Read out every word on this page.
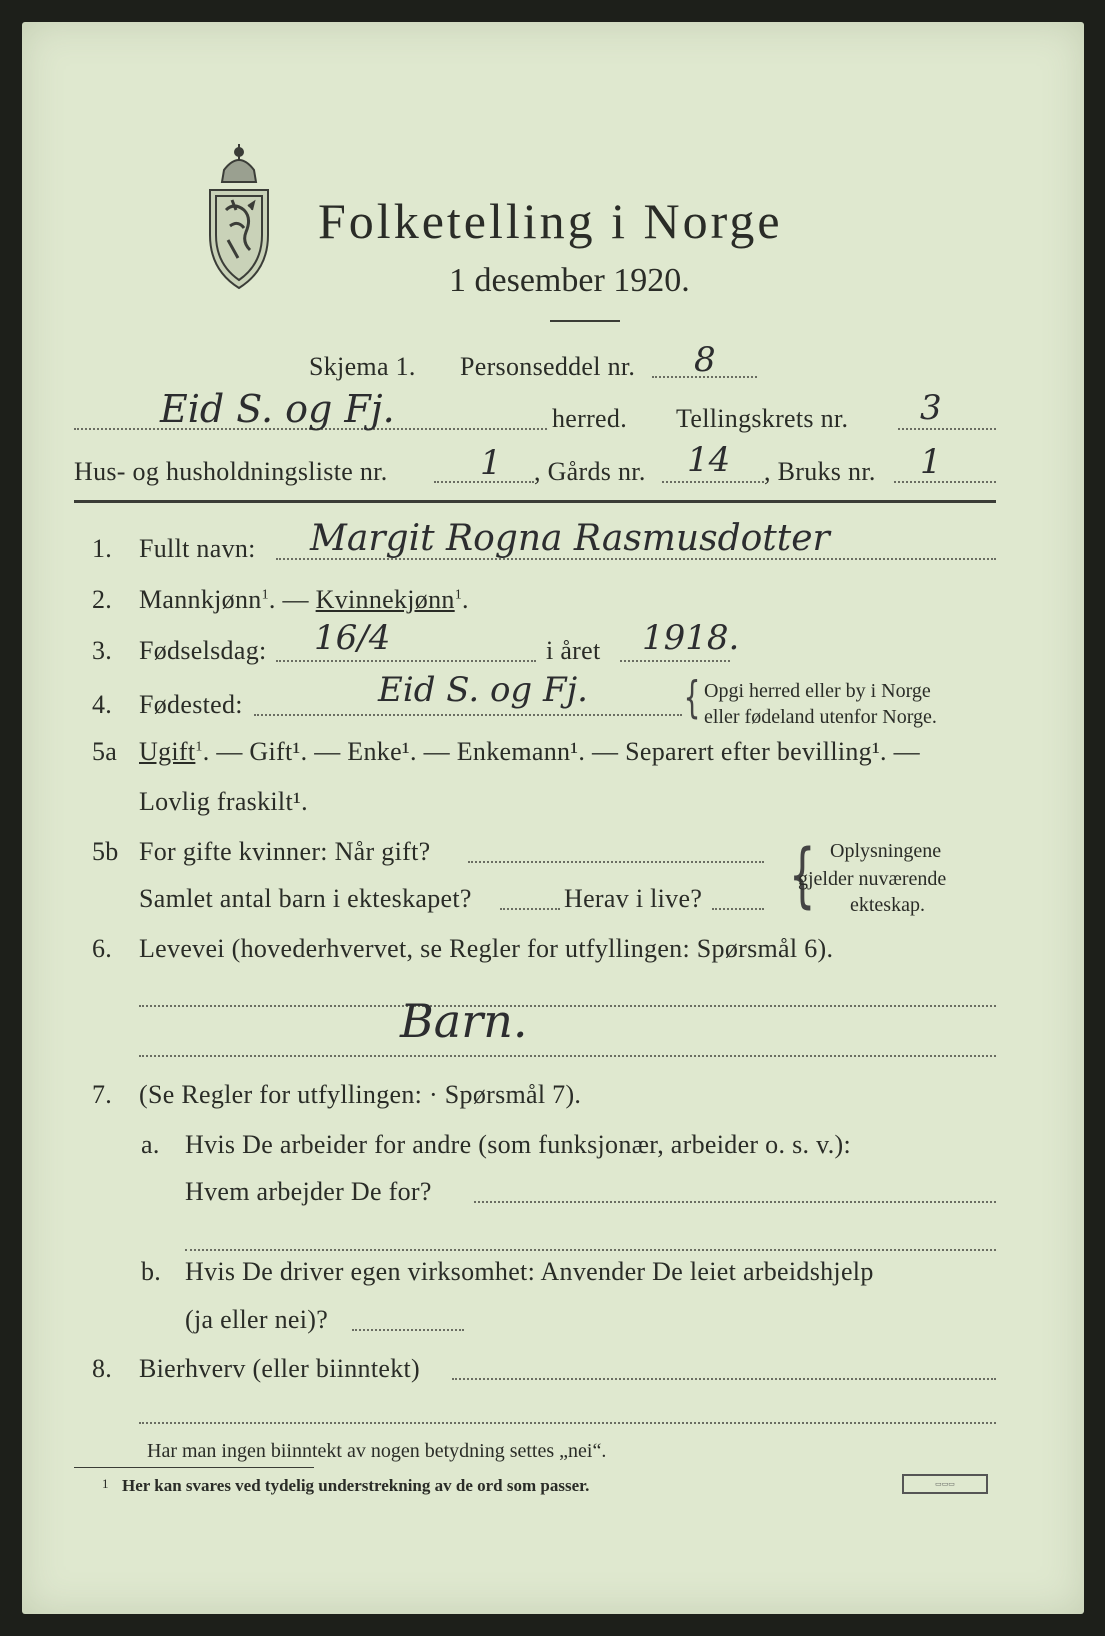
Folketelling i Norge
1 desember 1920.
Skjema 1. Personseddel nr. 8
Eid S. og Fj.	herred. Tellingskrets nr. 3
Hus- og husholdningsliste nr.	1 , Gårds nr. 14 , Bruks nr. 1
1. Fullt navn: Margit Rogna Rasmusdotter
2. Mannkjønn$^1$. — Kvinnekjønn$^1$.
3. Fødselsdag: 16/4	i året 1918.
4. Fødested:	Eid S. og Fj. { Opgi herred eller by i Norge
eller fødeland utenfor Norge.
5a Ugift$^1$. — Gift¹. — Enke¹. — Enkemann¹. — Separert efter bevilling¹. —
Lovlig fraskilt¹.
5b For gifte kvinner: Når gift?
Samlet antal barn i ekteskapet?	Herav i live? { Oplysningene
gjelder nuværende
ekteskap.
6. Levevei (hovederhvervet, se Regler for utfyllingen: Spørsmål 6).
Barn.
7. (Se Regler for utfyllingen: · Spørsmål 7).
a. Hvis De arbeider for andre (som funksjonær, arbeider o. s. v.):
Hvem arbejder De for?
b. Hvis De driver egen virksomhet: Anvender De leiet arbeidshjelp
(ja eller nei)?
8. Bierhverv (eller biinntekt)
Har man ingen biinntekt av nogen betydning settes „nei“.
1 Her kan svares ved tydelig understrekning av de ord som passer.	▭▭▭
